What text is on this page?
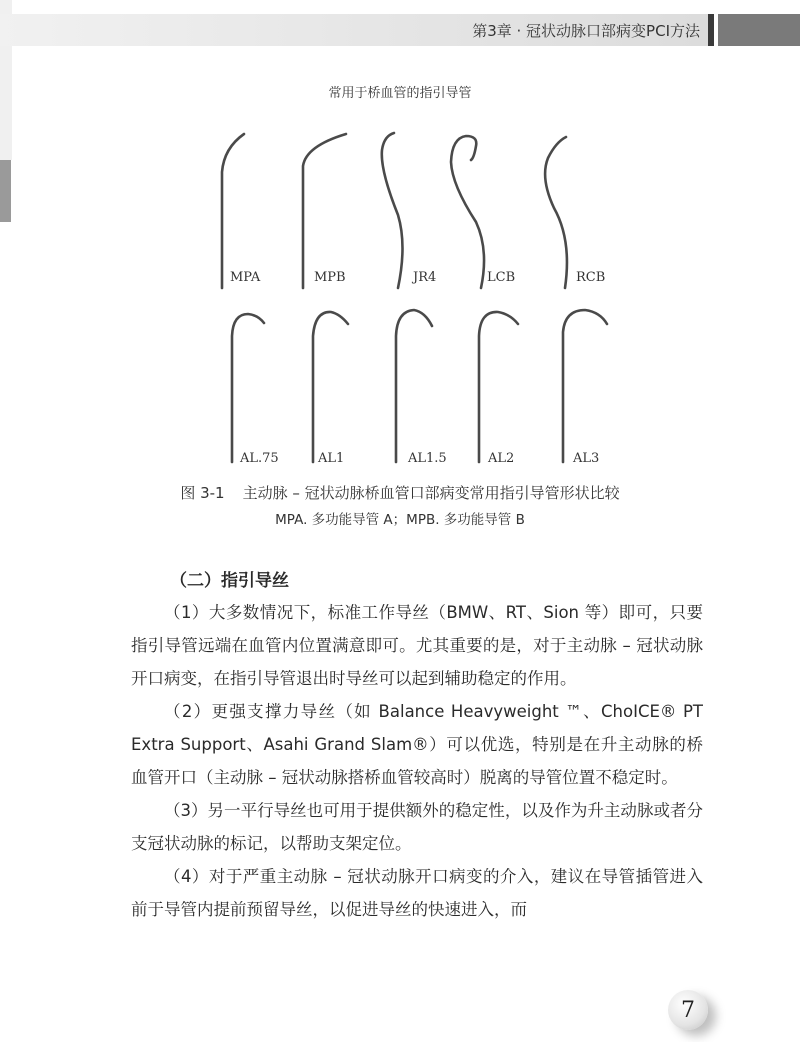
第3章 · 冠状动脉口部病变PCI方法
常用于桥血管的指引导管
MPA	MPB	JR4	LCB	RCB
AL.75	AL1	AL1.5	AL2	AL3
图 3-1 主动脉 – 冠状动脉桥血管口部病变常用指引导管形状比较
MPA. 多功能导管 A；MPB. 多功能导管 B
（二）指引导丝

（1）大多数情况下，标准工作导丝（BMW、RT、Sion 等）即可，只要指引导管远端在血管内位置满意即可。尤其重要的是，对于主动脉 – 冠状动脉开口病变，在指引导管退出时导丝可以起到辅助稳定的作用。

（2）更强支撑力导丝（如 Balance Heavyweight ™、ChoICE® PT Extra Support、Asahi Grand Slam®）可以优选，特别是在升主动脉的桥血管开口（主动脉 – 冠状动脉搭桥血管较高时）脱离的导管位置不稳定时。

（3）另一平行导丝也可用于提供额外的稳定性，以及作为升主动脉或者分支冠状动脉的标记，以帮助支架定位。

（4）对于严重主动脉 – 冠状动脉开口病变的介入，建议在导管插管进入前于导管内提前预留导丝，以促进导丝的快速进入，而

7
